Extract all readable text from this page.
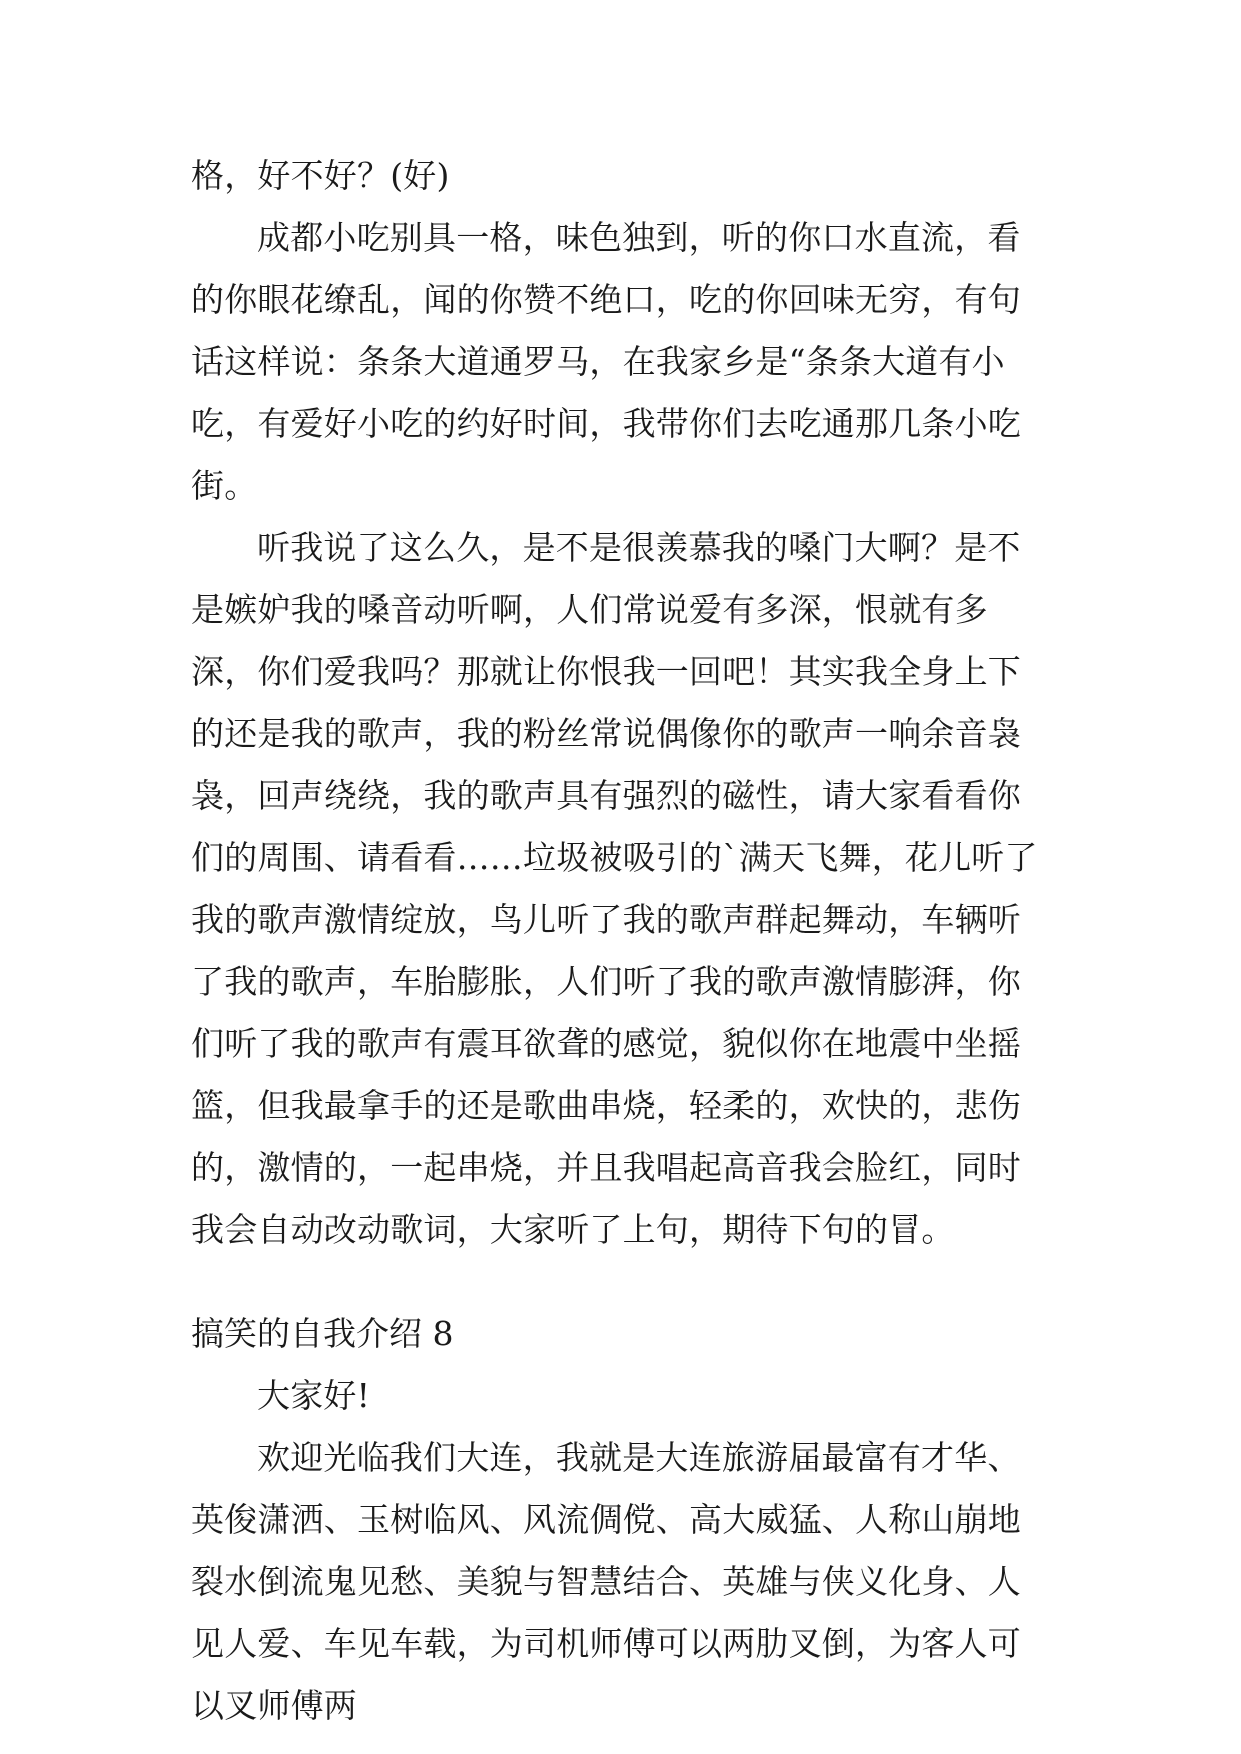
格，好不好？(好)

成都小吃别具一格，味色独到，听的你口水直流，看的你眼花缭乱，闻的你赞不绝口，吃的你回味无穷，有句话这样说：条条大道通罗马，在我家乡是“条条大道有小吃，有爱好小吃的约好时间，我带你们去吃通那几条小吃街。

听我说了这么久，是不是很羡慕我的嗓门大啊？是不是嫉妒我的嗓音动听啊，人们常说爱有多深，恨就有多深，你们爱我吗？那就让你恨我一回吧！其实我全身上下的还是我的歌声，我的粉丝常说偶像你的歌声一响余音袅袅，回声绕绕，我的歌声具有强烈的磁性，请大家看看你们的周围、请看看……垃圾被吸引的`满天飞舞，花儿听了我的歌声激情绽放，鸟儿听了我的歌声群起舞动，车辆听了我的歌声，车胎膨胀，人们听了我的歌声激情膨湃，你们听了我的歌声有震耳欲聋的感觉，貌似你在地震中坐摇篮，但我最拿手的还是歌曲串烧，轻柔的，欢快的，悲伤的，激情的，一起串烧，并且我唱起高音我会脸红，同时我会自动改动歌词，大家听了上句，期待下句的冒。

搞笑的自我介绍 8

大家好!

欢迎光临我们大连，我就是大连旅游届最富有才华、英俊潇洒、玉树临风、风流倜傥、高大威猛、人称山崩地裂水倒流鬼见愁、美貌与智慧结合、英雄与侠义化身、人见人爱、车见车载，为司机师傅可以两肋叉倒，为客人可以叉师傅两
